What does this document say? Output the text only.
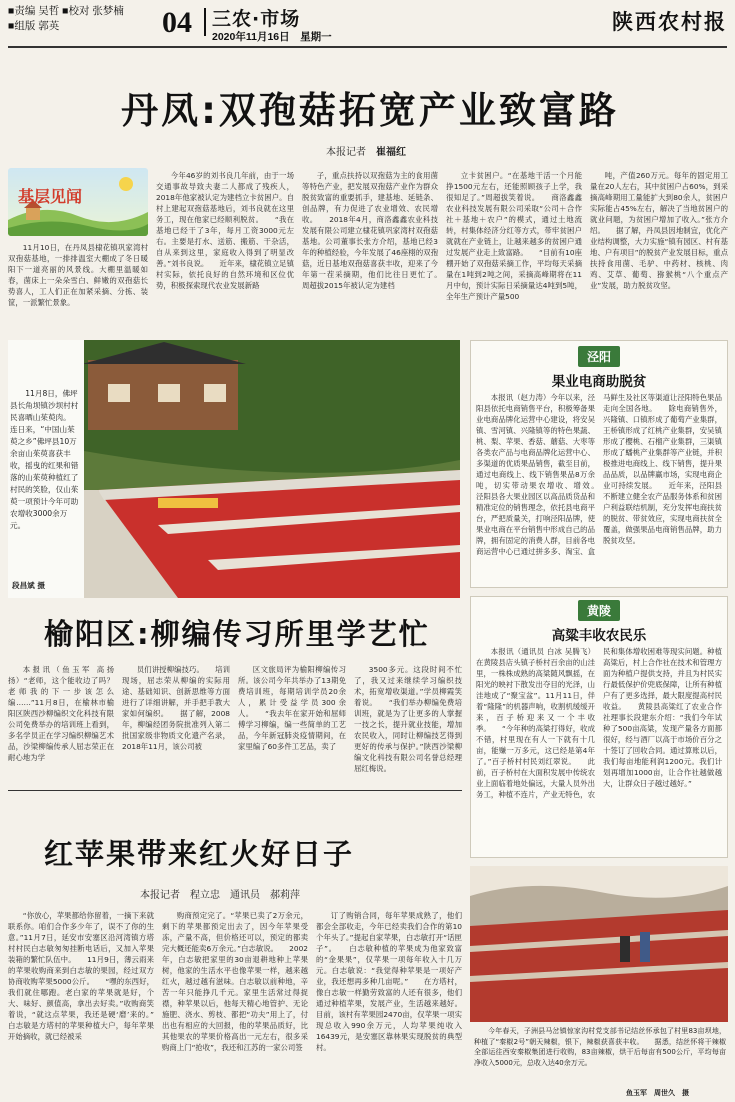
■责编 吴哲 ■校对 张梦楠
■组版 郭英	04 三农·市场
2020年11月16日　星期一
陕西农村报
丹凤:双孢菇拓宽产业致富路
本报记者　 崔福红
基层见闻

11月10日，在丹凤县棣花镇巩家湾村双孢菇基地，一排排温室大棚成了冬日暖阳下一道亮丽的风景线。大棚里温暖如春，菌床上一朵朵雪白、鲜嫩的双孢菇长势喜人，工人们正在加紧采摘、分拣、装筐，一派繁忙景象。

今年46岁的刘书良几年前，由于一场交通事故导致夫妻二人都成了残疾人，2018年他家被认定为建档立卡贫困户。自村上建起双孢菇基地后，刘书良就在这里务工，现在他家已经顺利脱贫。　　“我在基地已经干了3年，每月工资3000元左右。主要是打水、送筋、搬筋、干杂活，自从来到这里，家庭收入得到了明显改善。”刘书良说。　　近年来，棣花镇立足镇村实际，依托良好的自然环境和区位优势，积极探索现代农业发展新路

子，重点扶持以双孢菇为主的食用菌等特色产业，把发展双孢菇产业作为群众脱贫致富的重要抓手，建基地、延链条、创品牌，有力促进了农业增效、农民增收。　　2018年4月，商洛鑫鑫农业科技发展有限公司建立棣花镇巩家湾村双孢菇基地。公司董事长张方介绍，基地已经3年的种植经验，今年发展了46座栩的双孢菇，近日基地双孢菇喜获丰收，迎来了今年第一茬采摘期，他们比往日更忙了。　　周超拔2015年被认定为建档

立卡贫困户。“在基地干活一个月能挣1500元左右，还能照顾孩子上学，我很知足了。”周超拔笑着说。　　商洛鑫鑫农业科技发展有限公司采取“公司＋合作社＋基地＋农户”的模式，通过土地流转，村集体经济分红等方式，带牢贫困户就就在产业链上，让越来越多的贫困户通过发展产业走上致富路。　　“目前有10座棚开始了双孢菇采摘工作，平均每天采摘量在1吨到2吨之间，采摘高峰期将在11月中旬，预计实际日采摘量达4吨到5吨，全年生产预计产量500

吨，产值260万元。每年的固定用工量在20人左右，其中贫困户占60%，到采摘高峰期用工量能扩大到80余人，贫困户实际能占45%左右，解决了当地贫困户的就业问题，为贫困户增加了收入。”张方介绍。　　据了解，丹凤县因地制宜，优化产业结构调整，大力实施“镇有园区、村有基地、户有项目”的脱贫产业发展目标，重点扶持食用菌、毛驴、中药材、核桃、肉鸡、艾草、葡萄、猕猴桃“八个重点产业”发展，助力脱贫攻坚。

11月8日，佛坪县长角坝镇沙坝村村民喜晒山茱萸肉。　　连日来，“中国山茱萸之乡”佛坪县10万余亩山茱萸喜获丰收，摇曳的红果和错落的山茱萸种植红了村民的笑脸，仅山茱萸一项预计今年可助农增收3000余万元。
段昌斌 摄
泾阳
果业电商助脱贫

本报讯（赵力涛）今年以来，泾阳县依托电商销售平台，积极筹备果业电商品牌化运营中心建设，将安吴镇、雪河镇、兴隆镇等的特色果蔬、桃、梨、苹果、香菇、蘑菇、大枣等各类农产品与电商品牌化运营中心、多渠道的优质果品销售，截至目前，通过电商线上、线下销售果品8万余吨，切实带动果农增收、增效。　　泾阳县各大果业园区以高品质货品和精准定位的销售理念，依托县电商平台，严把质量关，打响泾阳品牌，使果业电商在平台销售中形成自己的品牌，拥有固定的消费人群，目前各电商运营中心已通过拼多多、淘宝、盒马鲜生及社区等渠道让泾阳特色果品走向全国各地。　　除电商销售外，兴隆镇、口镇形成了葡萄产业集群，王桥镇形成了红桃产业集群，安吴镇形成了樱桃、石榴产业集群，三渠镇形成了蟠桃产业集群等产业链，并积极推进电商线上、线下销售，提升果品品质，以品牌赢市场，实现电商企业可持续发展。　　近年来，泾阳县不断建立健全农产品服务体系和贫困户利益联结机制，充分发挥电商扶贫的脱贫、带贫效应，实现电商扶贫全覆盖，做强果品电商销售品牌，助力脱贫攻坚。

黄陵
高粱丰收农民乐

本报讯（通讯员 白冰 吴腾飞）在黄陵县店头镇子桥村百余亩的山洼里，一株株成熟的高粱随风飘摇，在阳光的映衬下散发出夺目的光泽，山洼地成了“聚宝盆”。11月11日，伴着“隆隆”的机器声响，收割机缓缓开来，百子桥迎来又一个丰收季。　　“今年种的高粱打得好，收成不错，村里现在有人一下就有十几亩，能赚一万多元，这已经是第4年了。”百子桥村村民刘红翠说。　　此前，百子桥村在大面积发展中传统农业上面临着地处偏远，大量人员外出务工，种植不连片，产业无特色，农民和集体增收困难等现实问题。种植高粱后，村上合作社在技术和管理方面为种植户提供支持，并且为村民实行最低保护价兜底保障，让所有种植户有了更多选择，最大限度提高村民收益。　　黄陵县高粱红了农业合作社理事长段建东介绍：“我们今年试种了500亩高粱，发现产量各方面都很好，经与酒厂以高于市场价百分之十签订了回收合同。通过算账以后，我们每亩地能利润1200元。我们计划再增加1000亩，让合作社越做越大，让群众日子越过越好。”

榆阳区:柳编传习所里学艺忙

本报讯（鱼玉军 高扬扬）“老师，这个能收边了吗？老师我的下一步该怎么编……”11月8日，在榆林市榆阳区陕西沙柳编织文化科技有限公司免费举办的培训班上看到，多名学员正在学习编织柳编艺术品，沙梁柳编传承人屈志荣正在耐心地为学

员们讲授柳编技巧。　　培训现场，屈志荣从柳编的实际用途、基础知识、创新思维等方面进行了详细讲解，并手把手教大家如何编织。　　据了解，2008年，柳编经团务院批准列入第二批国家级非物质文化遗产名录，2018年11月，该公司被

区文旅局评为榆阳柳编传习所。该公司今年共举办了13期免费培训班，每期培训学员20余人，累计受益学员300余人。　　“我去年在家开始和屈师傅学习柳编，编一些简单的工艺品，今年新冠肺炎疫情期间，在家里编了60多件工艺品，卖了

3500多元。这段时间不忙了，我又过来继续学习编织技术，拓宽增收渠道。”学员柳霞笑着说。　　“我们举办柳编免费培训班，就是为了让更多的人掌握一技之长，提升就业技能，增加农民收入，同时让柳编技艺得到更好的传承与保护。”陕西沙梁柳编文化科技有限公司名誉总经理屈红梅说。

红苹果带来红火好日子
本报记者　程立忠　通讯员　郝莉萍

“你放心，苹果都给你留着，一摘下来就联系你。咱们合作多少年了，误不了你的生意。”11月7日，延安市安塞区沿河湾镇方塔村村民白志敏匆匆挂断电话后，又加入苹果装箱的繁忙队伍中。　　11月9日，薄云雨来的苹果收购商来到白志敏的果园，经过双方协商收购苹果5000公斤。　　“嘿的东西好，我们就住哪跑。老白家的苹果就是好，个大、味好、颜值高，拿出去好卖。”收购商笑着说，“就这点苹果，我还是硬‘磨’来的。”　　白志敏是方塔村的苹果种植大户，每年苹果开始摘收，就已经被采

购商预定完了。“苹果已卖了2万余元，剩下的苹果都预定出去了，因今年苹果受冻，产量不高，但价格还可以，预定的都卖完大概还能卖6万余元。”白志敏说。　　2002年，白志敏把家里的30亩退耕地种上苹果树，他家的生活水平也像苹果一样，越来越红火，越过越有滋味。白志敏以前种地，辛苦一年只能挣几千元。家里生活常过得捉襟，种苹果以后，他每天精心地管护、无论施肥、浇水、剪枝、都把“功夫”用上了，付出也有相应的大回报，他的苹果品质好，比其他果农的苹果价格高出一元左右，很多采购商上门“抢收”，我还和江苏的一家公司签

订了购销合同，每年苹果成熟了，他们都会全部收走，今年已经卖我们合作的第10个年头了。”提起自家苹果，白志敏打开“话匣子”。　　白志敏种植的苹果成为他家致富的“金果果”，仅苹果一项每年收入十几万元。白志敏说：“我觉得种苹果是一项好产业，我还想再多种几亩呢。”　　在方塔村，像白志敏一样勤劳致富的人还有很多，他们通过种植苹果，发展产业，生活越来越好。目前，该村有苹果园2470亩，仅苹果一项实现总收入990余万元，人均苹果纯收入16439元，是安塞区靠林果实现脱贫的典型村。

今年春天，子洲县马岔镇惊家沟村党支部书记结丝怀承包了村里83亩坝地，种植了“秦椒2号”朝天辣椒，银下，辣椒获喜获丰收。　　据悉，结丝怀将干辣椒全部运往西安秦椒集团进行收购，83亩辣椒，烘干后每亩有500公斤，平均每亩净收入5000元，总收入达40余万元。
鱼玉军　周世久　摄
